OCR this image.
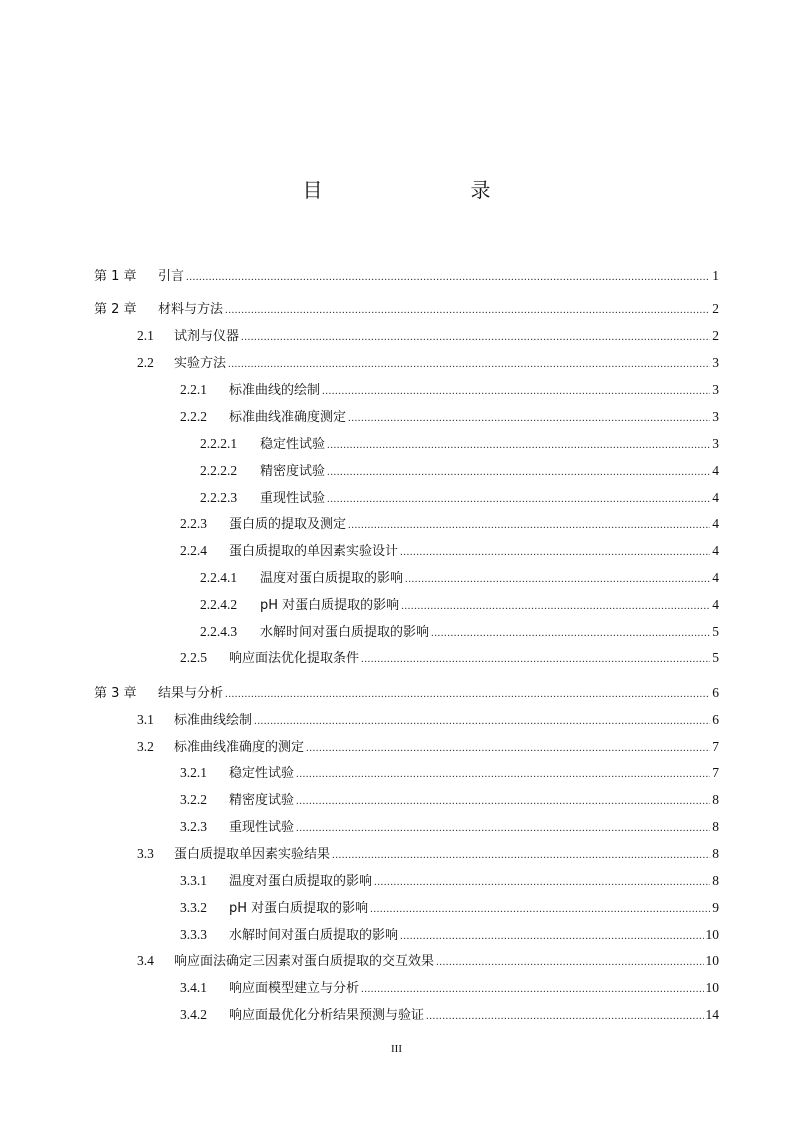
目　　录
第 1 章	引言 .....	1
第 2 章	材料与方法 .....	2
2.1	试剂与仪器 .....	2
2.2	实验方法 .....	3
2.2.1	标准曲线的绘制 .....	3
2.2.2	标准曲线准确度测定 .....	3
2.2.2.1	稳定性试验 .....	3
2.2.2.2	精密度试验 .....	4
2.2.2.3	重现性试验 .....	4
2.2.3	蛋白质的提取及测定 .....	4
2.2.4	蛋白质提取的单因素实验设计 .....	4
2.2.4.1	温度对蛋白质提取的影响 .....	4
2.2.4.2	pH 对蛋白质提取的影响 .....	4
2.2.4.3	水解时间对蛋白质提取的影响 .....	5
2.2.5	响应面法优化提取条件 .....	5
第 3 章	结果与分析 .....	6
3.1	标准曲线绘制 .....	6
3.2	标准曲线准确度的测定 .....	7
3.2.1	稳定性试验 .....	7
3.2.2	精密度试验 .....	8
3.2.3	重现性试验 .....	8
3.3	蛋白质提取单因素实验结果 .....	8
3.3.1	温度对蛋白质提取的影响 .....	8
3.3.2	pH 对蛋白质提取的影响 .....	9
3.3.3	水解时间对蛋白质提取的影响 .....	10
3.4	响应面法确定三因素对蛋白质提取的交互效果 .....	10
3.4.1	响应面模型建立与分析 .....	10
3.4.2	响应面最优化分析结果预测与验证 .....	14
III
